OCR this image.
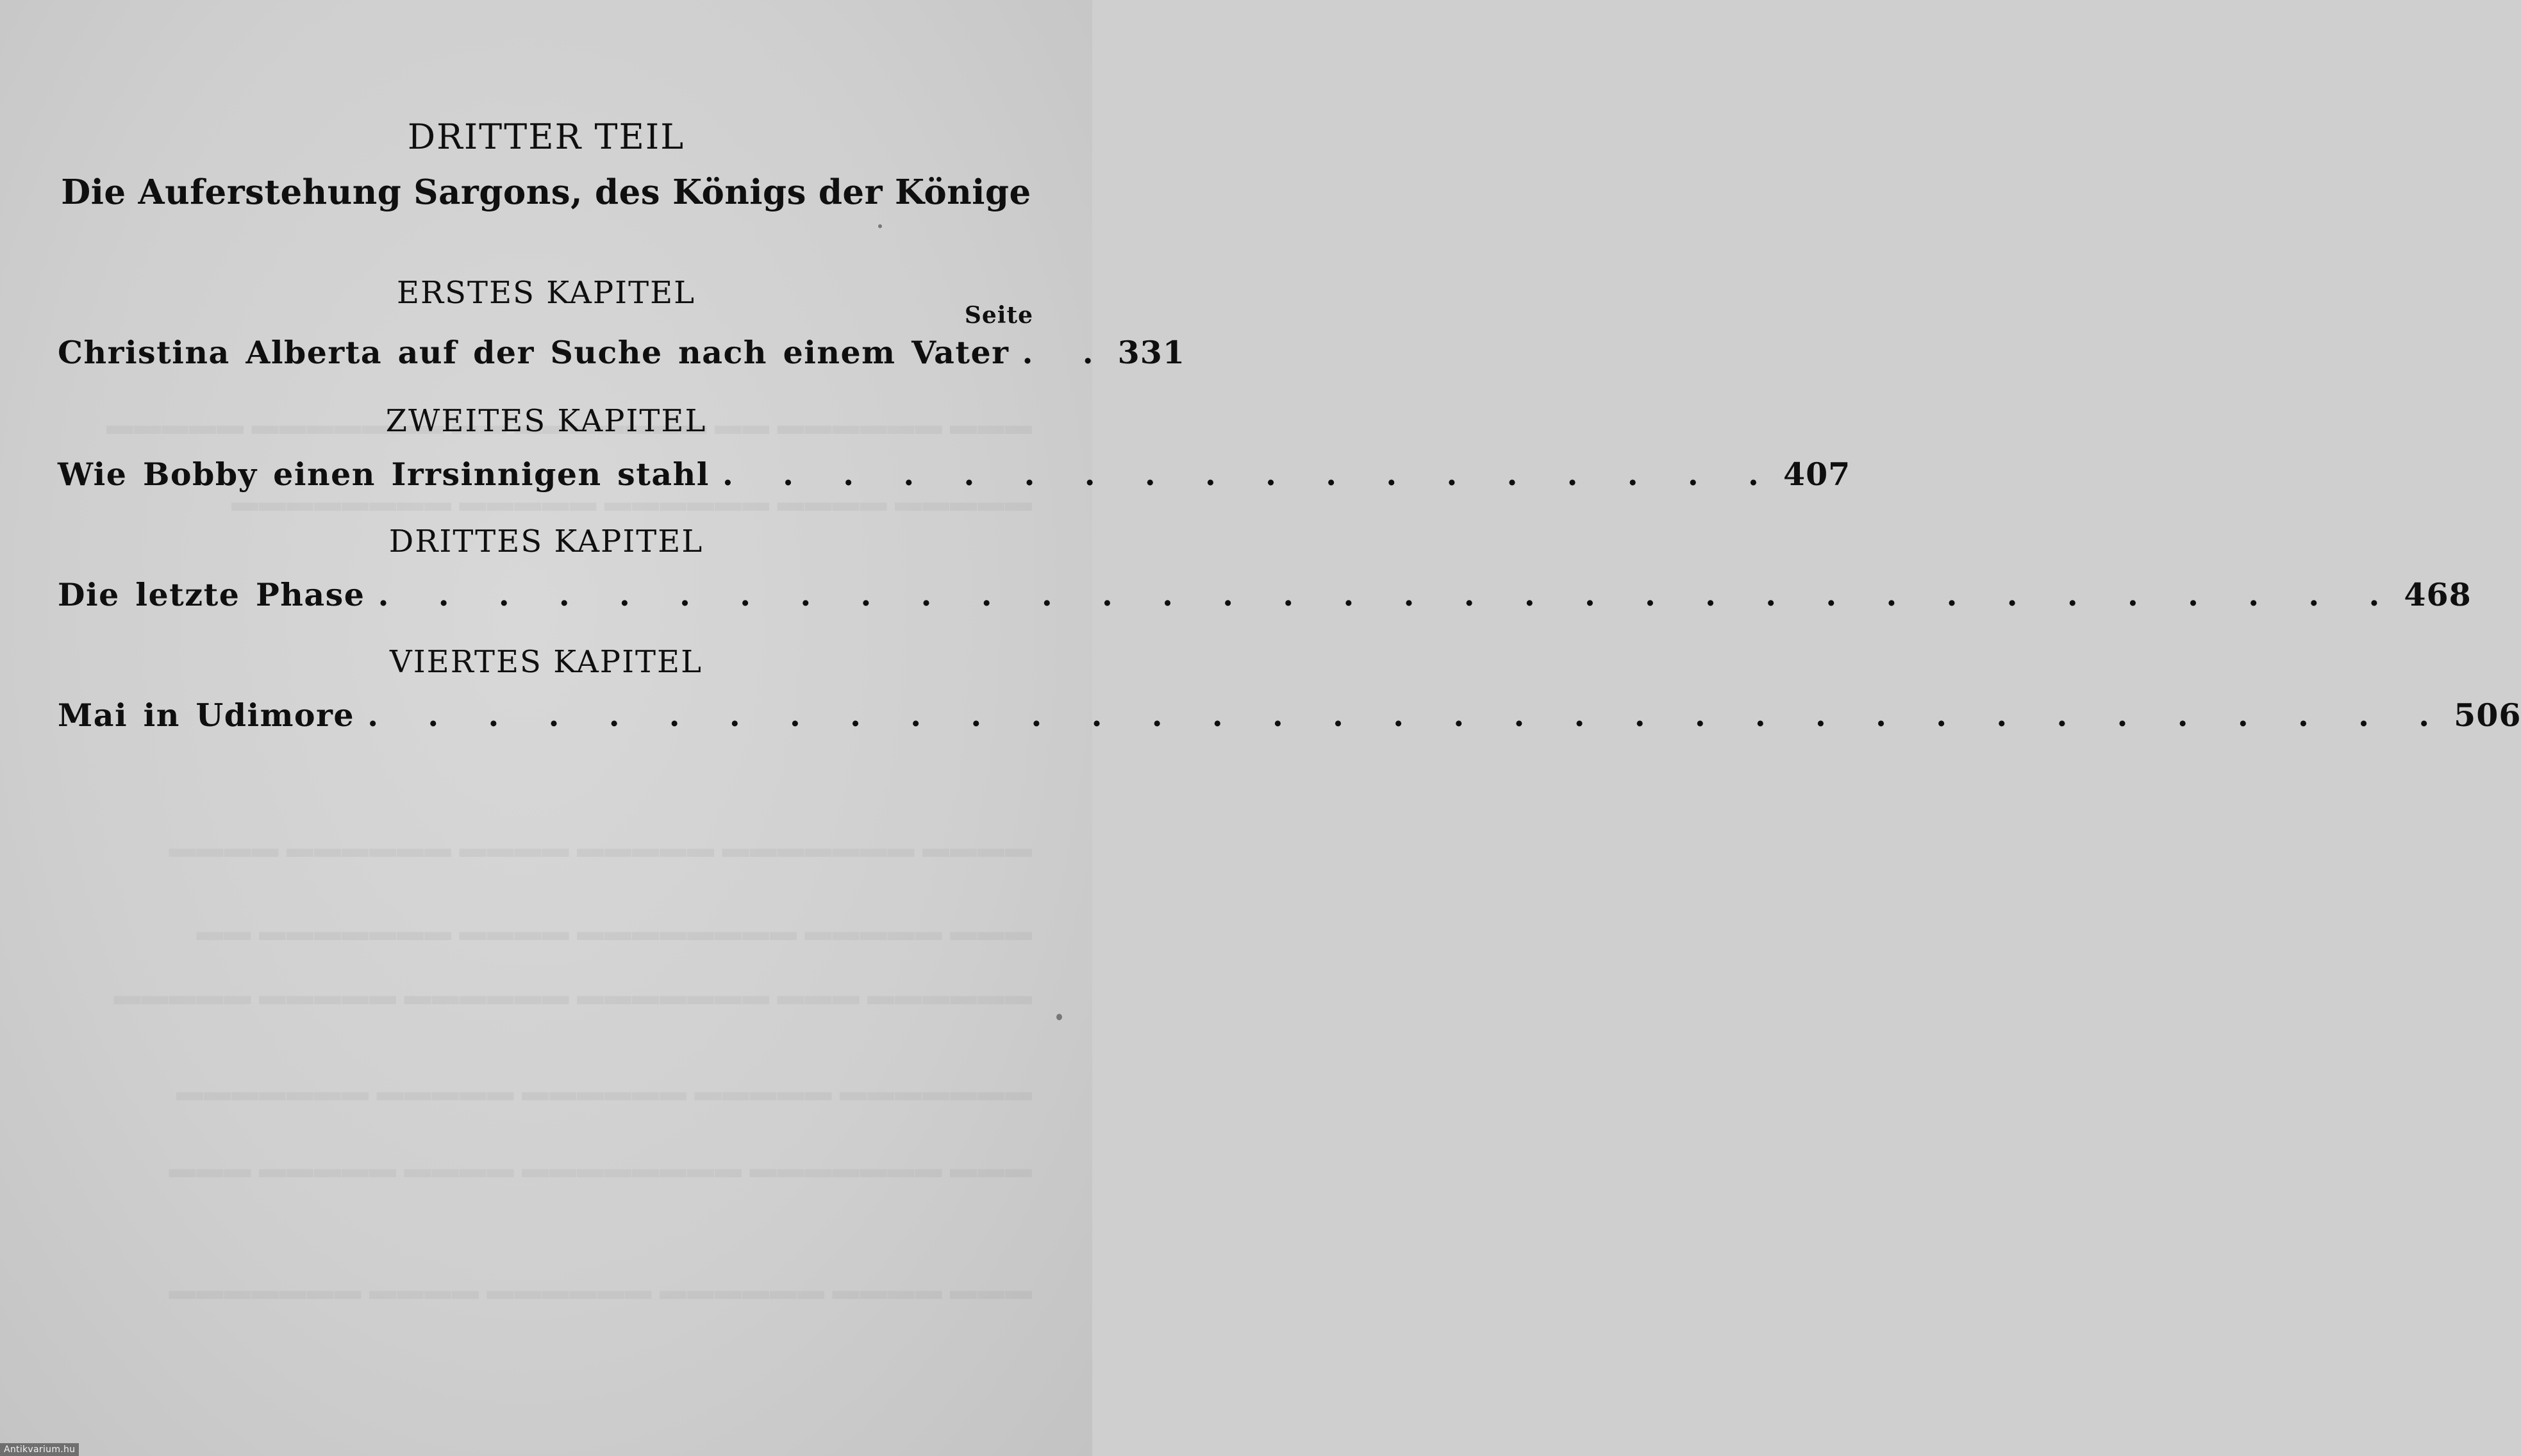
DRITTER TEIL
Die Auferstehung Sargons, des Königs der Könige
ERSTES KAPITEL
Seite
Christina Alberta auf der Suche nach einem Vater . . 331
ZWEITES KAPITEL
Wie Bobby einen Irrsinnigen stahl . . . . . . . . . . . . . . . . . . 407
DRITTES KAPITEL
Die letzte Phase . . . . . . . . . . . . . . . . . . . . . . . . . . . . . . . . . . 468
VIERTES KAPITEL
Mai in Udimore . . . . . . . . . . . . . . . . . . . . . . . . . . . . . . . . . . . 506
Antikvarium.hu
